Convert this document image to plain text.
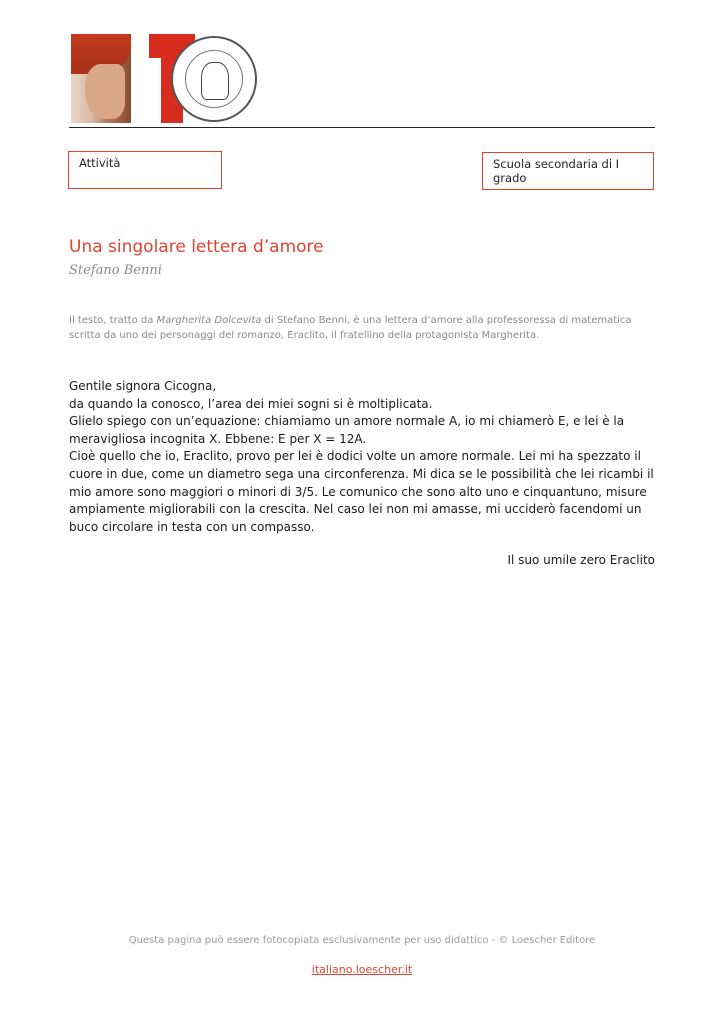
Attività	Scuola secondaria di I grado
Una singolare lettera d’amore
Stefano Benni
Il testo, tratto da Margherita Dolcevita di Stefano Benni, è una lettera d’amore alla professoressa di matematica scritta da uno dei personaggi del romanzo, Eraclito, il fratellino della protagonista Margherita.

Gentile signora Cicogna,

da quando la conosco, l’area dei miei sogni si è moltiplicata.

Glielo spiego con un’equazione: chiamiamo un amore normale A, io mi chiamerò E, e lei è la meravigliosa incognita X. Ebbene: E per X = 12A.

Cioè quello che io, Eraclito, provo per lei è dodici volte un amore normale. Lei mi ha spezzato il cuore in due, come un diametro sega una circonferenza. Mi dica se le possibilità che lei ricambi il mio amore sono maggiori o minori di 3/5. Le comunico che sono alto uno e cinquantuno, misure ampiamente migliorabili con la crescita. Nel caso lei non mi amasse, mi ucciderò facendomi un buco circolare in testa con un compasso.

Il suo umile zero Eraclito
Questa pagina può essere fotocopiata esclusivamente per uso didattico - © Loescher Editore
italiano.loescher.it
